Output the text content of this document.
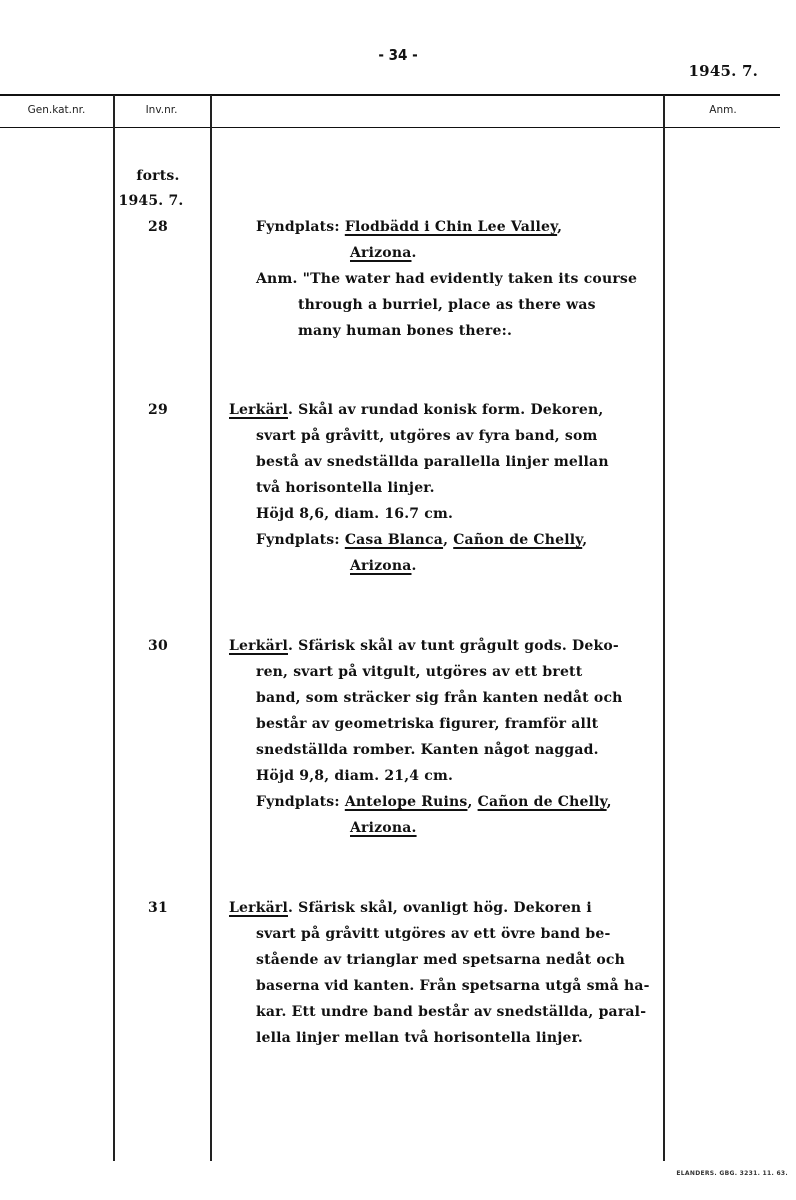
- 34 -
1945. 7.
Gen.kat.nr.	Inv.nr.	Anm.
forts.
1945. 7.
28	Fyndplats: Flodbädd i Chin Lee Valley,
Arizona.
Anm. "The water had evidently taken its course
through a burriel, place as there was
many human bones there:.
29	Lerkärl. Skål av rundad konisk form. Dekoren,
svart på gråvitt, utgöres av fyra band, som
bestå av snedställda parallella linjer mellan
två horisontella linjer.
Höjd 8,6, diam. 16.7 cm.
Fyndplats: Casa Blanca, Cañon de Chelly,
Arizona.
30	Lerkärl. Sfärisk skål av tunt grågult gods. Deko-
ren, svart på vitgult, utgöres av ett brett
band, som sträcker sig från kanten nedåt och
består av geometriska figurer, framför allt
snedställda romber. Kanten något naggad.
Höjd 9,8, diam. 21,4 cm.
Fyndplats: Antelope Ruins, Cañon de Chelly,
Arizona.
31	Lerkärl. Sfärisk skål, ovanligt hög. Dekoren i
svart på gråvitt utgöres av ett övre band be-
stående av trianglar med spetsarna nedåt och
baserna vid kanten. Från spetsarna utgå små ha-
kar. Ett undre band består av snedställda, paral-
lella linjer mellan två horisontella linjer.
ELANDERS. GBG. 3231. 11. 63.
